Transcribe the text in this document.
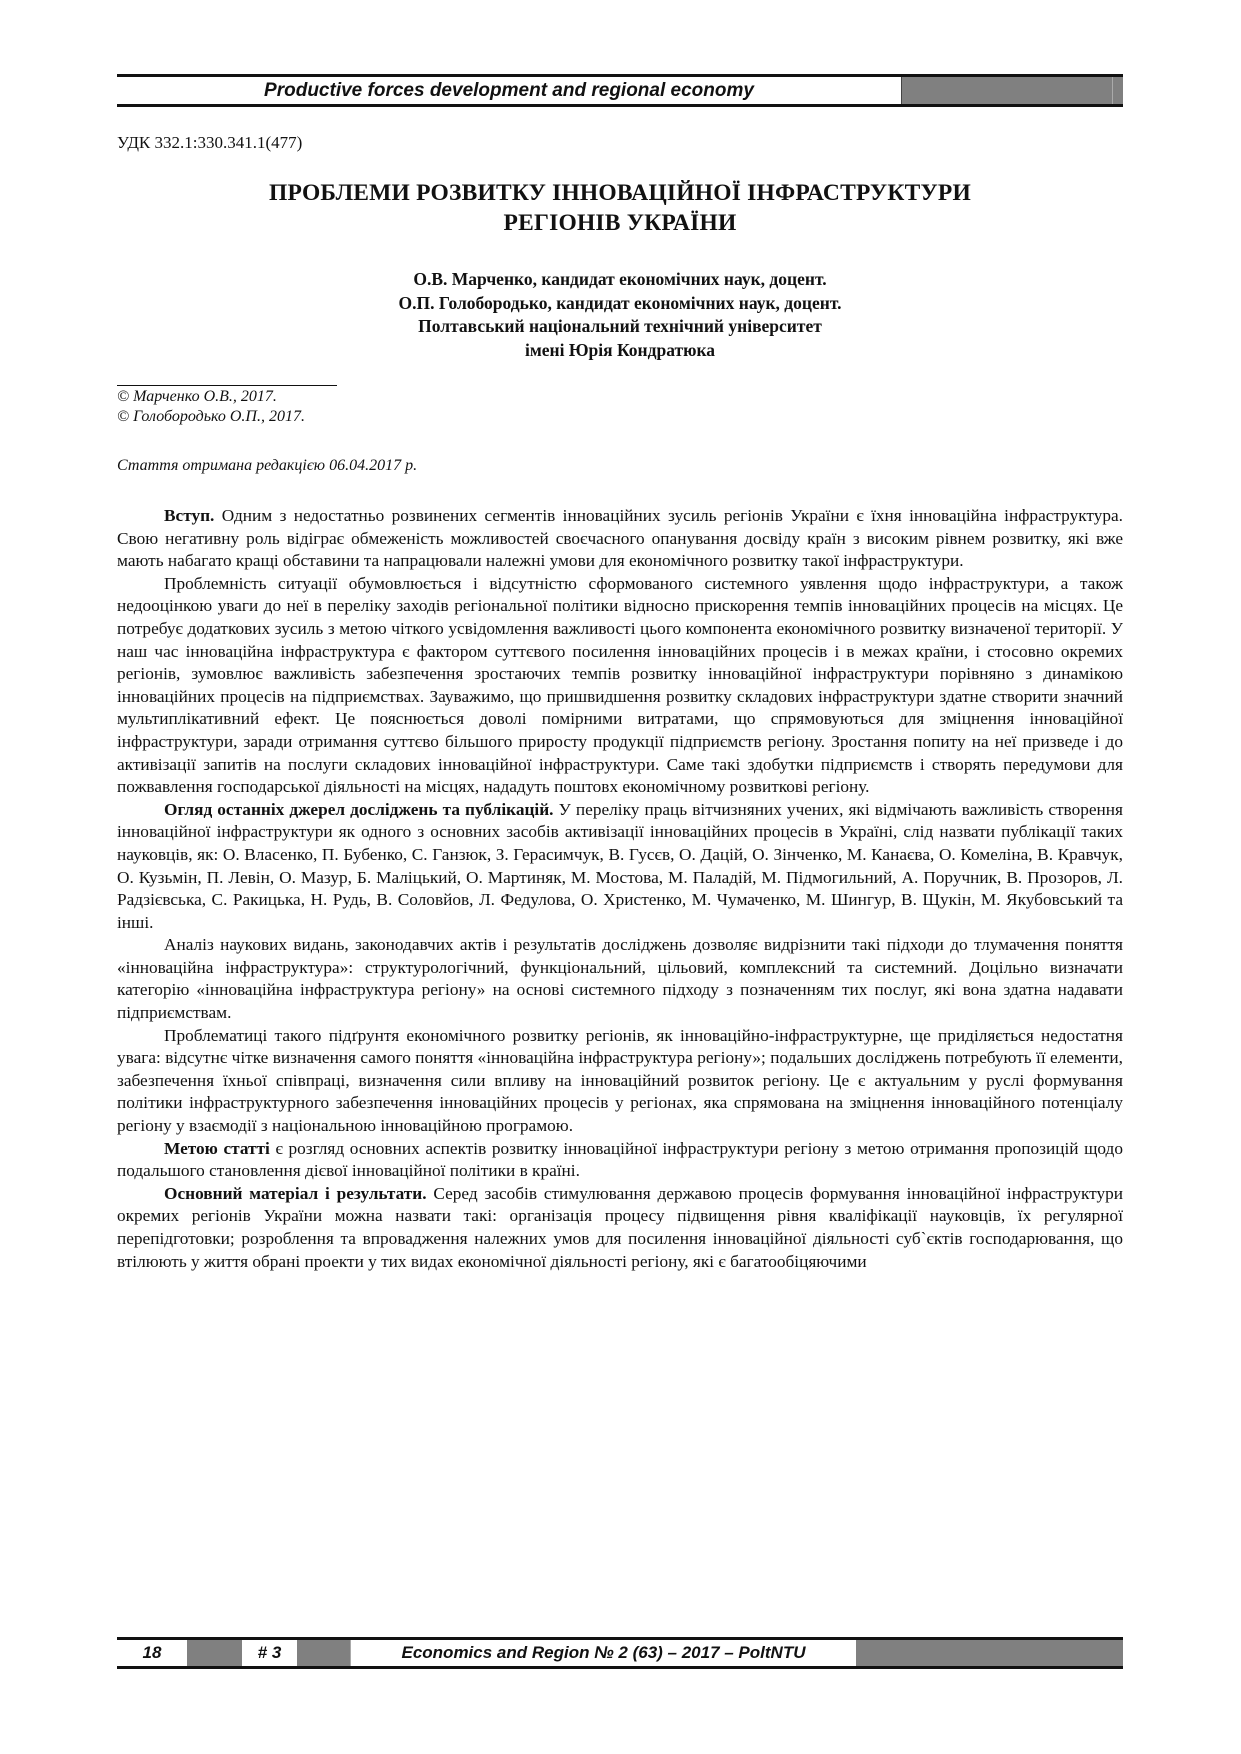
Productive forces development and regional economy
УДК 332.1:330.341.1(477)
ПРОБЛЕМИ РОЗВИТКУ ІННОВАЦІЙНОЇ ІНФРАСТРУКТУРИ
РЕГІОНІВ УКРАЇНИ
О.В. Марченко, кандидат економічних наук, доцент.
О.П. Голобородько, кандидат економічних наук, доцент.
Полтавський національний технічний університет
імені Юрія Кондратюка
© Марченко О.В., 2017.
© Голобородько О.П., 2017.
Стаття отримана редакцією 06.04.2017 р.

Вступ. Одним з недостатньо розвинених сегментів інноваційних зусиль регіонів України є їхня інноваційна інфраструктура. Свою негативну роль відіграє обмеженість можливостей своєчасного опанування досвіду країн з високим рівнем розвитку, які вже мають набагато кращі обставини та напрацювали належні умови для економічного розвитку такої інфраструктури.

Проблемність ситуації обумовлюється і відсутністю сформованого системного уявлення щодо інфраструктури, а також недооцінкою уваги до неї в переліку заходів регіональної політики відносно прискорення темпів інноваційних процесів на місцях. Це потребує додаткових зусиль з метою чіткого усвідомлення важливості цього компонента економічного розвитку визначеної території. У наш час інноваційна інфраструктура є фактором суттєвого посилення інноваційних процесів і в межах країни, і стосовно окремих регіонів, зумовлює важливість забезпечення зростаючих темпів розвитку інноваційної інфраструктури порівняно з динамікою інноваційних процесів на підприємствах. Зауважимо, що пришвидшення розвитку складових інфраструктури здатне створити значний мультиплікативний ефект. Це пояснюється доволі помірними витратами, що спрямовуються для зміцнення інноваційної інфраструктури, заради отримання суттєво більшого приросту продукції підприємств регіону. Зростання попиту на неї призведе і до активізації запитів на послуги складових інноваційної інфраструктури. Саме такі здобутки підприємств і створять передумови для пожвавлення господарської діяльності на місцях, нададуть поштовх економічному розвиткові регіону.

Огляд останніх джерел досліджень та публікацій. У переліку праць вітчизняних учених, які відмічають важливість створення інноваційної інфраструктури як одного з основних засобів активізації інноваційних процесів в Україні, слід назвати публікації таких науковців, як: О. Власенко, П. Бубенко, С. Ганзюк, З. Герасимчук, В. Гусєв, О. Дацій, О. Зінченко, М. Канаєва, О. Комеліна, В. Кравчук, О. Кузьмін, П. Левін, О. Мазур, Б. Маліцький, О. Мартиняк, М. Мостова, М. Паладій, М. Підмогильний, А. Поручник, В. Прозоров, Л. Радзієвська, С. Ракицька, Н. Рудь, В. Соловйов, Л. Федулова, О. Христенко, М. Чумаченко, М. Шингур, В. Щукін, М. Якубовський та інші.

Аналіз наукових видань, законодавчих актів і результатів досліджень дозволяє видрізнити такі підходи до тлумачення поняття «інноваційна інфраструктура»: структурологічний, функціональний, цільовий, комплексний та системний. Доцільно визначати категорію «інноваційна інфраструктура регіону» на основі системного підходу з позначенням тих послуг, які вона здатна надавати підприємствам.

Проблематиці такого підґрунтя економічного розвитку регіонів, як інноваційно-інфраструктурне, ще приділяється недостатня увага: відсутнє чітке визначення самого поняття «інноваційна інфраструктура регіону»; подальших досліджень потребують її елементи, забезпечення їхньої співпраці, визначення сили впливу на інноваційний розвиток регіону. Це є актуальним у руслі формування політики інфраструктурного забезпечення інноваційних процесів у регіонах, яка спрямована на зміцнення інноваційного потенціалу регіону у взаємодії з національною інноваційною програмою.

Метою статті є розгляд основних аспектів розвитку інноваційної інфраструктури регіону з метою отримання пропозицій щодо подальшого становлення дієвої інноваційної політики в країні.

Основний матеріал і результати. Серед засобів стимулювання державою процесів формування інноваційної інфраструктури окремих регіонів України можна назвати такі: організація процесу підвищення рівня кваліфікації науковців, їх регулярної перепідготовки; розроблення та впровадження належних умов для посилення інноваційної діяльності суб`єктів господарювання, що втілюють у життя обрані проекти у тих видах економічної діяльності регіону, які є багатообіцяючими

18	# 3	Economics and Region № 2 (63) – 2017 – PoltNTU
